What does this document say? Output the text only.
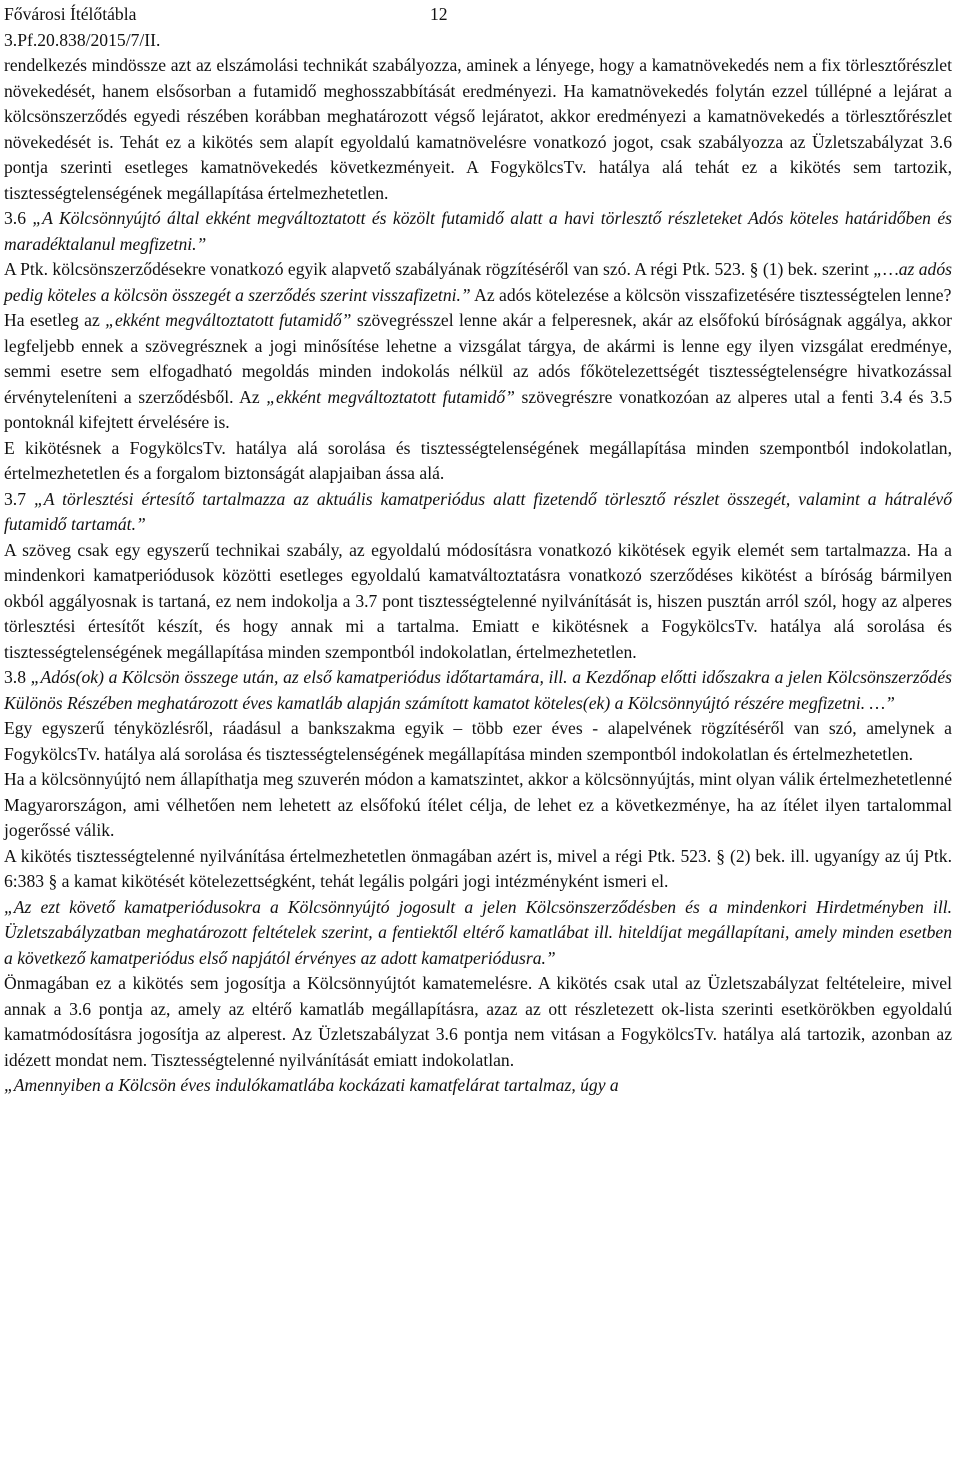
Fővárosi Ítélőtábla	12
3.Pf.20.838/2015/7/II.

rendelkezés mindössze azt az elszámolási technikát szabályozza, aminek a lényege, hogy a kamatnövekedés nem a fix törlesztőrészlet növekedését, hanem elsősorban a futamidő meghosszabbítását eredményezi. Ha kamatnövekedés folytán ezzel túllépné a lejárat a kölcsönszerződés egyedi részében korábban meghatározott végső lejáratot, akkor eredményezi a kamatnövekedés a törlesztőrészlet növekedését is. Tehát ez a kikötés sem alapít egyoldalú kamatnövelésre vonatkozó jogot, csak szabályozza az Üzletszabályzat 3.6 pontja szerinti esetleges kamatnövekedés következményeit. A FogykölcsTv. hatálya alá tehát ez a kikötés sem tartozik, tisztességtelenségének megállapítása értelmezhetetlen.

3.6 „A Kölcsönnyújtó által ekként megváltoztatott és közölt futamidő alatt a havi törlesztő részleteket Adós köteles határidőben és maradéktalanul megfizetni.”

A Ptk. kölcsönszerződésekre vonatkozó egyik alapvető szabályának rögzítéséről van szó. A régi Ptk. 523. § (1) bek. szerint „…az adós pedig köteles a kölcsön összegét a szerződés szerint visszafizetni.” Az adós kötelezése a kölcsön visszafizetésére tisztességtelen lenne?

Ha esetleg az „ekként megváltoztatott futamidő” szövegrésszel lenne akár a felperesnek, akár az elsőfokú bíróságnak aggálya, akkor legfeljebb ennek a szövegrésznek a jogi minősítése lehetne a vizsgálat tárgya, de akármi is lenne egy ilyen vizsgálat eredménye, semmi esetre sem elfogadható megoldás minden indokolás nélkül az adós főkötelezettségét tisztességtelenségre hivatkozással érvényteleníteni a szerződésből. Az „ekként megváltoztatott futamidő” szövegrészre vonatkozóan az alperes utal a fenti 3.4 és 3.5 pontoknál kifejtett érvelésére is.

E kikötésnek a FogykölcsTv. hatálya alá sorolása és tisztességtelenségének megállapítása minden szempontból indokolatlan, értelmezhetetlen és a forgalom biztonságát alapjaiban ássa alá.

3.7 „A törlesztési értesítő tartalmazza az aktuális kamatperiódus alatt fizetendő törlesztő részlet összegét, valamint a hátralévő futamidő tartamát.”

A szöveg csak egy egyszerű technikai szabály, az egyoldalú módosításra vonatkozó kikötések egyik elemét sem tartalmazza. Ha a mindenkori kamatperiódusok közötti esetleges egyoldalú kamatváltoztatásra vonatkozó szerződéses kikötést a bíróság bármilyen okból aggályosnak is tartaná, ez nem indokolja a 3.7 pont tisztességtelenné nyilvánítását is, hiszen pusztán arról szól, hogy az alperes törlesztési értesítőt készít, és hogy annak mi a tartalma. Emiatt e kikötésnek a FogykölcsTv. hatálya alá sorolása és tisztességtelenségének megállapítása minden szempontból indokolatlan, értelmezhetetlen.

3.8 „Adós(ok) a Kölcsön összege után, az első kamatperiódus időtartamára, ill. a Kezdőnap előtti időszakra a jelen Kölcsönszerződés Különös Részében meghatározott éves kamatláb alapján számított kamatot köteles(ek) a Kölcsönnyújtó részére megfizetni. …”

Egy egyszerű tényközlésről, ráadásul a bankszakma egyik – több ezer éves - alapelvének rögzítéséről van szó, amelynek a FogykölcsTv. hatálya alá sorolása és tisztességtelenségének megállapítása minden szempontból indokolatlan és értelmezhetetlen.

Ha a kölcsönnyújtó nem állapíthatja meg szuverén módon a kamatszintet, akkor a kölcsönnyújtás, mint olyan válik értelmezhetetlenné Magyarországon, ami vélhetően nem lehetett az elsőfokú ítélet célja, de lehet ez a következménye, ha az ítélet ilyen tartalommal jogerőssé válik.

A kikötés tisztességtelenné nyilvánítása értelmezhetetlen önmagában azért is, mivel a régi Ptk. 523. § (2) bek. ill. ugyanígy az új Ptk. 6:383 § a kamat kikötését kötelezettségként, tehát legális polgári jogi intézményként ismeri el.

„Az ezt követő kamatperiódusokra a Kölcsönnyújtó jogosult a jelen Kölcsönszerződésben és a mindenkori Hirdetményben ill. Üzletszabályzatban meghatározott feltételek szerint, a fentiektől eltérő kamatlábat ill. hiteldíjat megállapítani, amely minden esetben a következő kamatperiódus első napjától érvényes az adott kamatperiódusra.”

Önmagában ez a kikötés sem jogosítja a Kölcsönnyújtót kamatemelésre. A kikötés csak utal az Üzletszabályzat feltételeire, mivel annak a 3.6 pontja az, amely az eltérő kamatláb megállapításra, azaz az ott részletezett ok-lista szerinti esetkörökben egyoldalú kamatmódosításra jogosítja az alperest. Az Üzletszabályzat 3.6 pontja nem vitásan a FogykölcsTv. hatálya alá tartozik, azonban az idézett mondat nem. Tisztességtelenné nyilvánítását emiatt indokolatlan.

„Amennyiben a Kölcsön éves indulókamatlába kockázati kamatfelárat tartalmaz, úgy a
